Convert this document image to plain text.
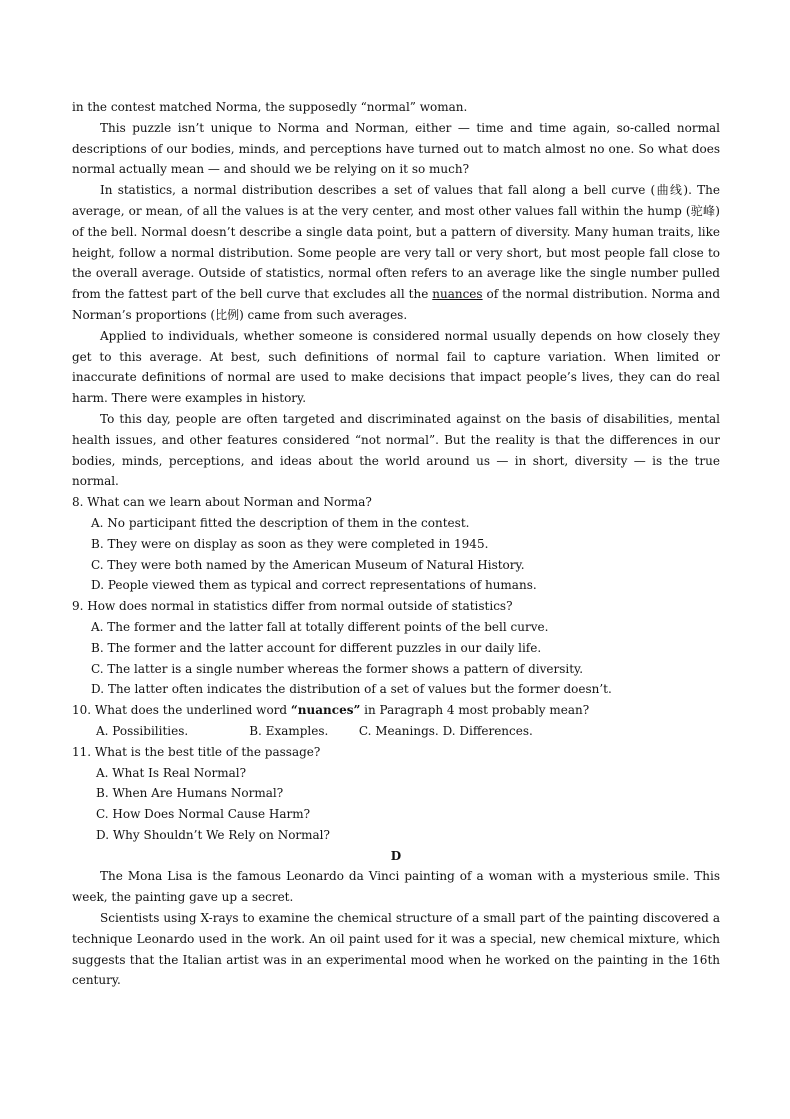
in the contest matched Norma, the supposedly “normal” woman.

This puzzle isn’t unique to Norma and Norman, either — time and time again, so-called normal descriptions of our bodies, minds, and perceptions have turned out to match almost no one. So what does normal actually mean — and should we be relying on it so much?

In statistics, a normal distribution describes a set of values that fall along a bell curve (曲线). The average, or mean, of all the values is at the very center, and most other values fall within the hump (驼峰) of the bell. Normal doesn’t describe a single data point, but a pattern of diversity. Many human traits, like height, follow a normal distribution. Some people are very tall or very short, but most people fall close to the overall average. Outside of statistics, normal often refers to an average like the single number pulled from the fattest part of the bell curve that excludes all the nuances of the normal distribution. Norma and Norman’s proportions (比例) came from such averages.

Applied to individuals, whether someone is considered normal usually depends on how closely they get to this average. At best, such definitions of normal fail to capture variation. When limited or inaccurate definitions of normal are used to make decisions that impact people’s lives, they can do real harm. There were examples in history.

To this day, people are often targeted and discriminated against on the basis of disabilities, mental health issues, and other features considered “not normal”. But the reality is that the differences in our bodies, minds, perceptions, and ideas about the world around us — in short, diversity — is the true normal.

8. What can we learn about Norman and Norma?

A. No participant fitted the description of them in the contest.

B. They were on display as soon as they were completed in 1945.

C. They were both named by the American Museum of Natural History.

D. People viewed them as typical and correct representations of humans.

9. How does normal in statistics differ from normal outside of statistics?

A. The former and the latter fall at totally different points of the bell curve.

B. The former and the latter account for different puzzles in our daily life.

C. The latter is a single number whereas the former shows a pattern of diversity.

D. The latter often indicates the distribution of a set of values but the former doesn’t.

10. What does the underlined word “nuances” in Paragraph 4 most probably mean?

A. Possibilities.	B. Examples.	C. Meanings. D. Differences.

11. What is the best title of the passage?

A. What Is Real Normal?

B. When Are Humans Normal?

C. How Does Normal Cause Harm?

D. Why Shouldn’t We Rely on Normal?

D

The Mona Lisa is the famous Leonardo da Vinci painting of a woman with a mysterious smile. This week, the painting gave up a secret.

Scientists using X-rays to examine the chemical structure of a small part of the painting discovered a technique Leonardo used in the work. An oil paint used for it was a special, new chemical mixture, which suggests that the Italian artist was in an experimental mood when he worked on the painting in the 16th century.
